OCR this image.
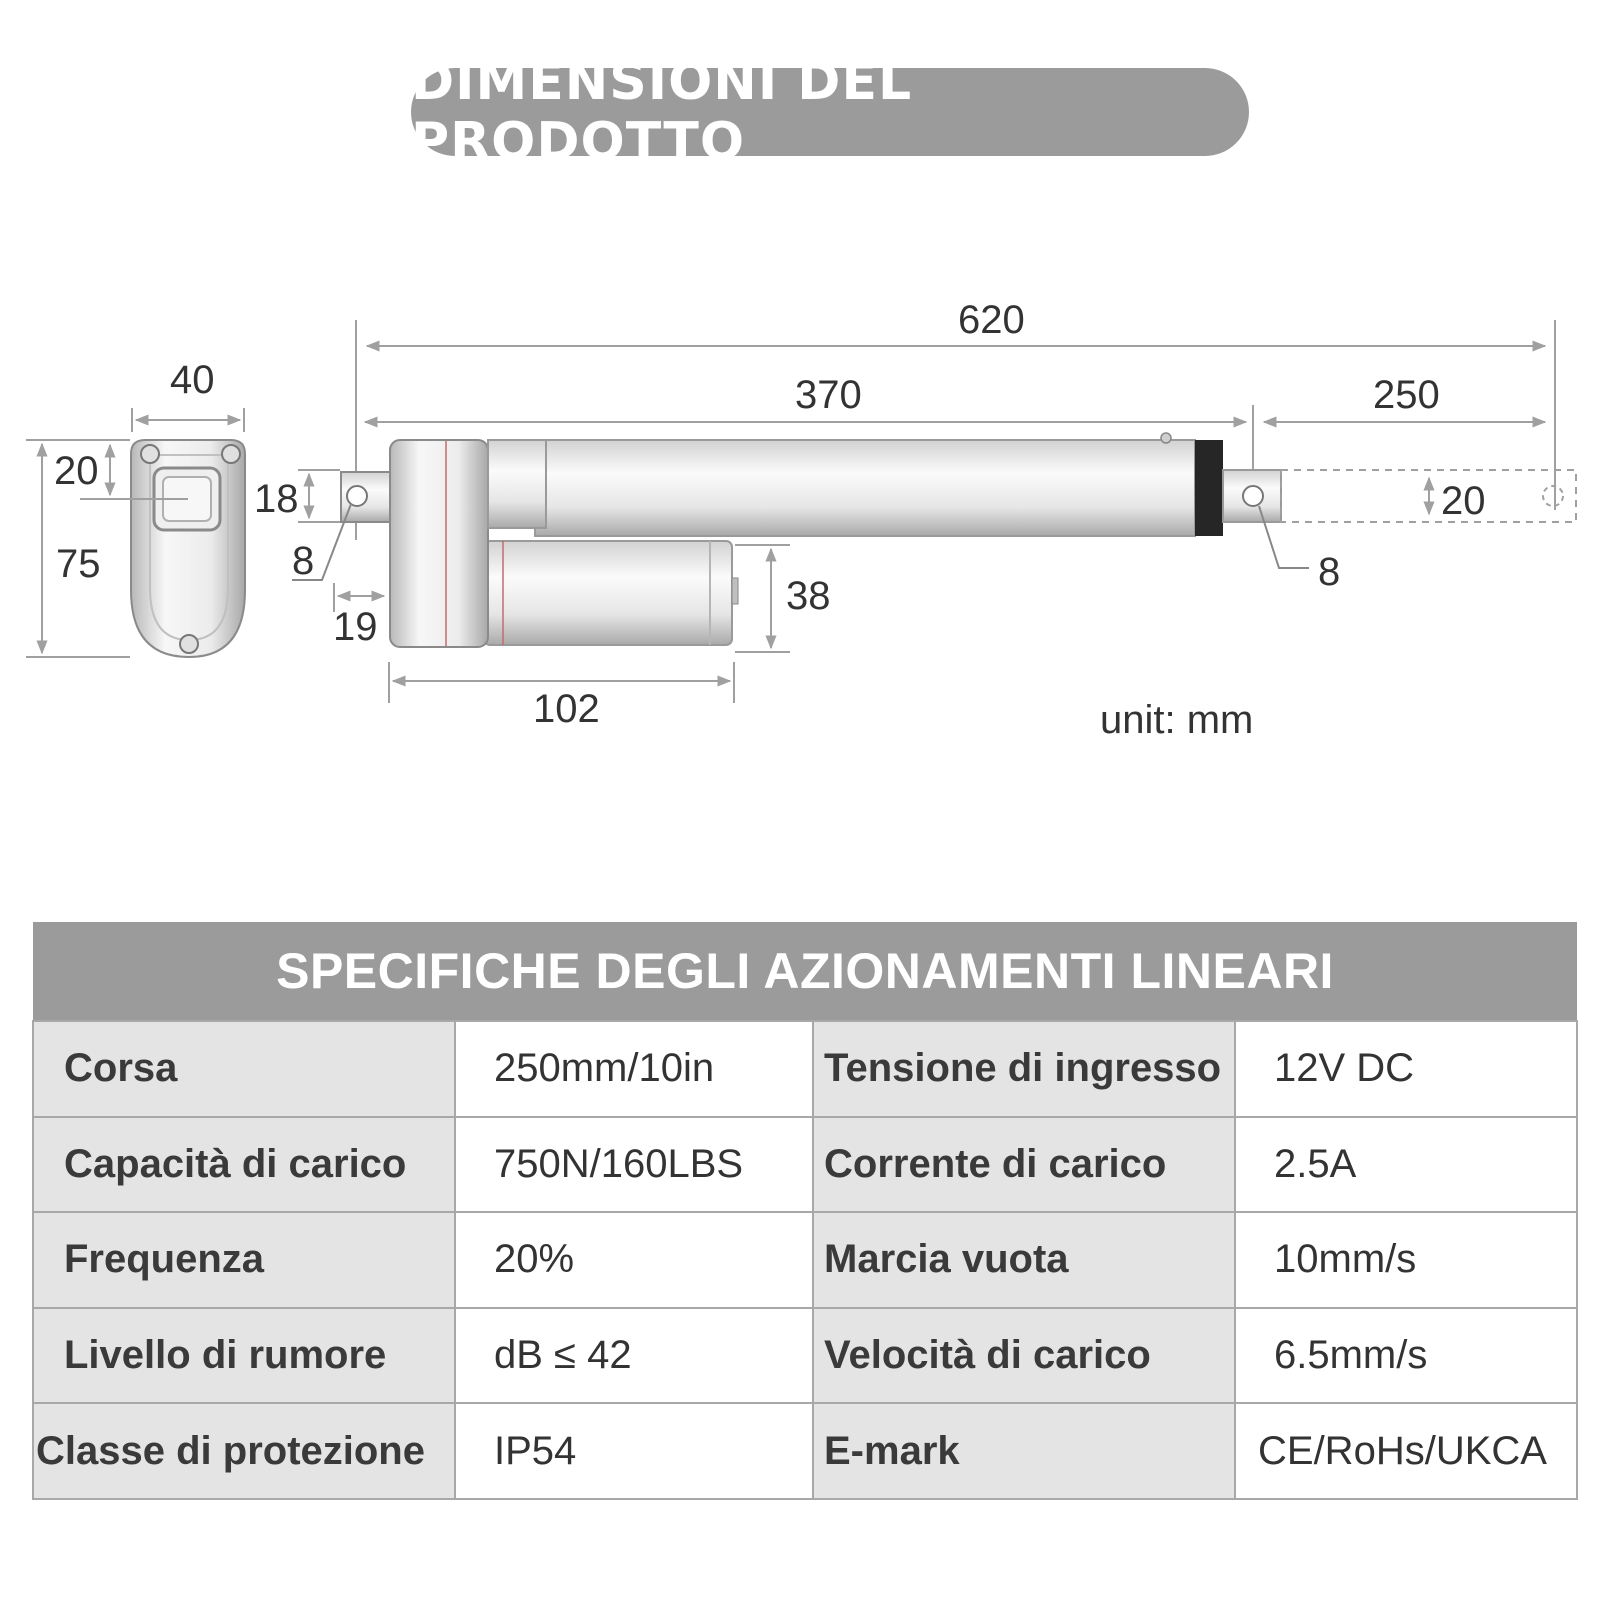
DIMENSIONI DEL PRODOTTO
40
75
20
620
370	250
20
8
18
8
19
38
102	unit: mm
SPECIFICHE DEGLI AZIONAMENTI LINEARI			
Corsa	250mm/10in	Tensione di ingresso	12V DC
Capacità di carico	750N/160LBS	Corrente di carico	2.5A
Frequenza	20%	Marcia vuota	10mm/s
Livello di rumore	dB ≤ 42	Velocità di carico	6.5mm/s
Classe di protezione	IP54	E-mark	CE/RoHs/UKCA
